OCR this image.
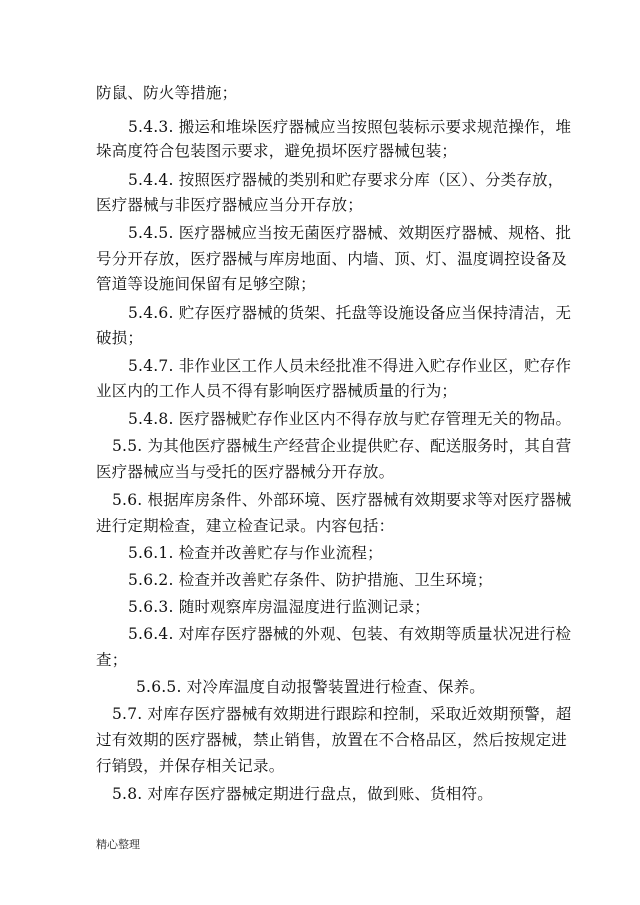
防鼠、防火等措施；
5.4.3. 搬运和堆垛医疗器械应当按照包装标示要求规范操作，堆
垛高度符合包装图示要求，避免损坏医疗器械包装；
5.4.4. 按照医疗器械的类别和贮存要求分库（区）、分类存放，
医疗器械与非医疗器械应当分开存放；
5.4.5. 医疗器械应当按无菌医疗器械、效期医疗器械、规格、批
号分开存放，医疗器械与库房地面、内墙、顶、灯、温度调控设备及
管道等设施间保留有足够空隙；
5.4.6. 贮存医疗器械的货架、托盘等设施设备应当保持清洁，无
破损；
5.4.7. 非作业区工作人员未经批准不得进入贮存作业区，贮存作
业区内的工作人员不得有影响医疗器械质量的行为；
5.4.8. 医疗器械贮存作业区内不得存放与贮存管理无关的物品。
5.5. 为其他医疗器械生产经营企业提供贮存、配送服务时，其自营
医疗器械应当与受托的医疗器械分开存放。
5.6. 根据库房条件、外部环境、医疗器械有效期要求等对医疗器械
进行定期检查，建立检查记录。内容包括：
5.6.1. 检查并改善贮存与作业流程；
5.6.2. 检查并改善贮存条件、防护措施、卫生环境；
5.6.3. 随时观察库房温湿度进行监测记录；
5.6.4. 对库存医疗器械的外观、包装、有效期等质量状况进行检
查；
5.6.5. 对冷库温度自动报警装置进行检查、保养。
5.7. 对库存医疗器械有效期进行跟踪和控制，采取近效期预警，超
过有效期的医疗器械，禁止销售，放置在不合格品区，然后按规定进
行销毁，并保存相关记录。
5.8. 对库存医疗器械定期进行盘点，做到账、货相符。
精心整理
